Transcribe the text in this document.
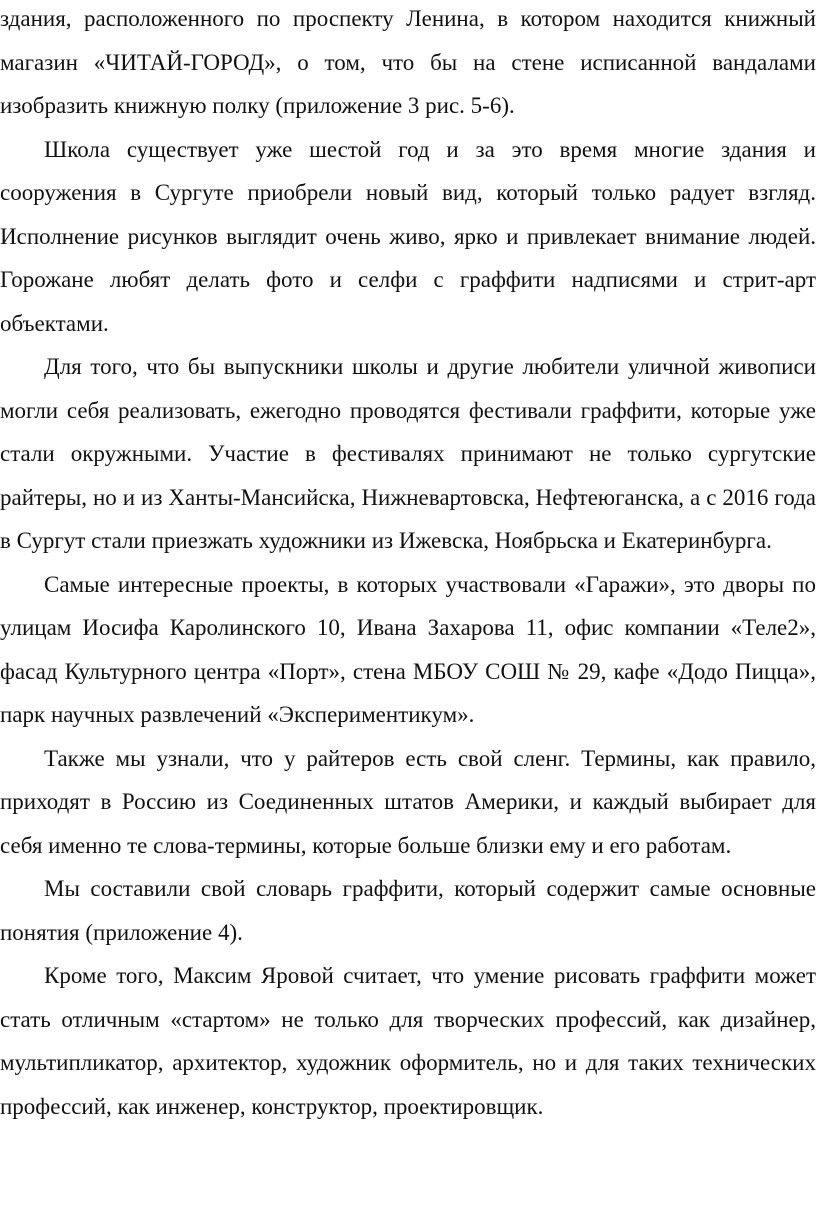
здания, расположенного по проспекту Ленина, в котором находится книжный магазин «ЧИТАЙ-ГОРОД», о том, что бы на стене исписанной вандалами изобразить книжную полку (приложение 3 рис. 5-6).

Школа существует уже шестой год и за это время многие здания и сооружения в Сургуте приобрели новый вид, который только радует взгляд. Исполнение рисунков выглядит очень живо, ярко и привлекает внимание людей. Горожане любят делать фото и селфи с граффити надписями и стрит-арт объектами.

Для того, что бы выпускники школы и другие любители уличной живописи могли себя реализовать, ежегодно проводятся фестивали граффити, которые уже стали окружными. Участие в фестивалях принимают не только сургутские райтеры, но и из Ханты-Мансийска, Нижневартовска, Нефтеюганска, а с 2016 года в Сургут стали приезжать художники из Ижевска, Ноябрьска и Екатеринбурга.

Самые интересные проекты, в которых участвовали «Гаражи», это дворы по улицам Иосифа Каролинского 10, Ивана Захарова 11, офис компании «Теле2», фасад Культурного центра «Порт», стена МБОУ СОШ № 29, кафе «Додо Пицца», парк научных развлечений «Экспериментикум».

Также мы узнали, что у райтеров есть свой сленг. Термины, как правило, приходят в Россию из Соединенных штатов Америки, и каждый выбирает для себя именно те слова-термины, которые больше близки ему и его работам.

Мы составили свой словарь граффити, который содержит самые основные понятия (приложение 4).

Кроме того, Максим Яровой считает, что умение рисовать граффити может стать отличным «стартом» не только для творческих профессий, как дизайнер, мультипликатор, архитектор, художник оформитель, но и для таких технических профессий, как инженер, конструктор, проектировщик.
